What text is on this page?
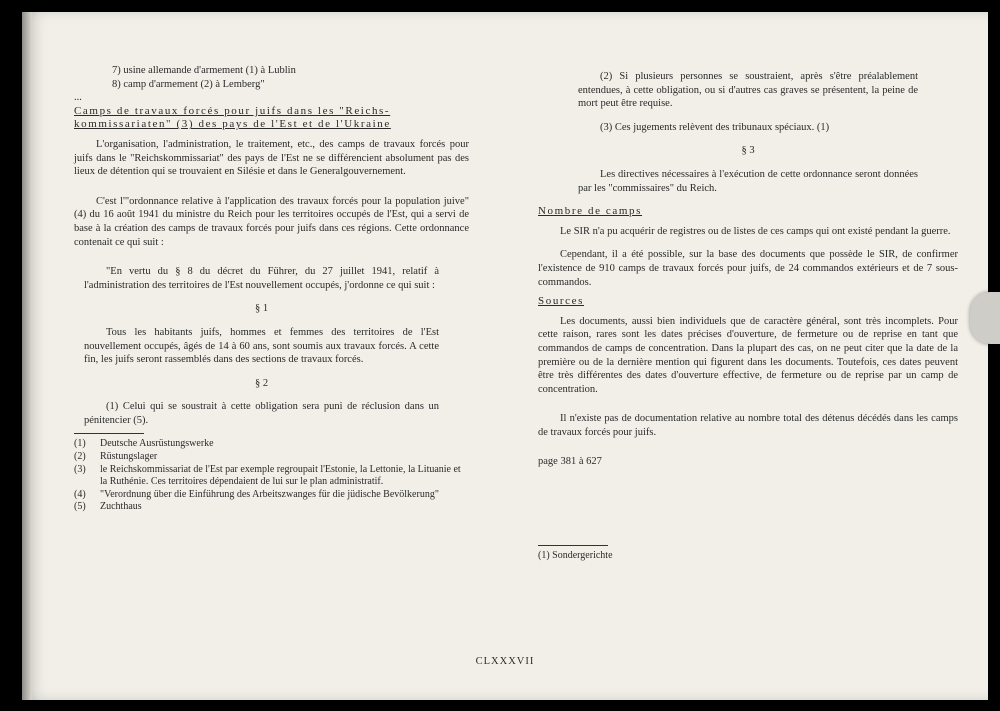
7) usine allemande d'armement (1) à Lublin

8) camp d'armement (2) à Lemberg"

...

Camps de travaux forcés pour juifs dans les "Reichs-

kommissariaten" (3) des pays de l'Est et de l'Ukraine

L'organisation, l'administration, le traitement, etc., des camps de travaux forcés pour juifs dans le "Reichskommissariat" des pays de l'Est ne se différencient absolument pas des lieux de détention qui se trouvaient en Silésie et dans le Generalgouvernement.

C'est l'"ordonnance relative à l'application des travaux forcés pour la population juive" (4) du 16 août 1941 du ministre du Reich pour les territoires occupés de l'Est, qui a servi de base à la création des camps de travaux forcés pour juifs dans ces régions. Cette ordonnance contenait ce qui suit :

"En vertu du § 8 du décret du Führer, du 27 juillet 1941, relatif à l'administration des territoires de l'Est nouvellement occupés, j'ordonne ce qui suit :

§ 1

Tous les habitants juifs, hommes et femmes des territoires de l'Est nouvellement occupés, âgés de 14 à 60 ans, sont soumis aux travaux forcés. A cette fin, les juifs seront rassemblés dans des sections de travaux forcés.

§ 2

(1) Celui qui se soustrait à cette obligation sera puni de réclusion dans un pénitencier (5).

(1)	Deutsche Ausrüstungswerke
(2)	Rüstungslager
(3)	le Reichskommissariat de l'Est par exemple regroupait l'Estonie, la Lettonie, la Lituanie et la Ruthénie. Ces territoires dépendaient de lui sur le plan administratif.
(4)	"Verordnung über die Einführung des Arbeitszwanges für die jüdische Bevölkerung"
(5)	Zuchthaus

(2) Si plusieurs personnes se soustraient, après s'être préalablement entendues, à cette obligation, ou si d'autres cas graves se présentent, la peine de mort peut être requise.

(3) Ces jugements relèvent des tribunaux spéciaux. (1)

§ 3

Les directives nécessaires à l'exécution de cette ordonnance seront données par les "commissaires" du Reich.

Nombre de camps

Le SIR n'a pu acquérir de registres ou de listes de ces camps qui ont existé pendant la guerre.

Cependant, il a été possible, sur la base des documents que possède le SIR, de confirmer l'existence de 910 camps de travaux forcés pour juifs, de 24 commandos extérieurs et de 7 sous-commandos.

Sources

Les documents, aussi bien individuels que de caractère général, sont très incomplets. Pour cette raison, rares sont les dates précises d'ouverture, de fermeture ou de reprise en tant que commandos de camps de concentration. Dans la plupart des cas, on ne peut citer que la date de la première ou de la dernière mention qui figurent dans les documents. Toutefois, ces dates peuvent être très différentes des dates d'ouverture effective, de fermeture ou de reprise par un camp de concentration.

Il n'existe pas de documentation relative au nombre total des détenus décédés dans les camps de travaux forcés pour juifs.

page 381 à 627

(1) Sondergerichte

CLXXXVII
